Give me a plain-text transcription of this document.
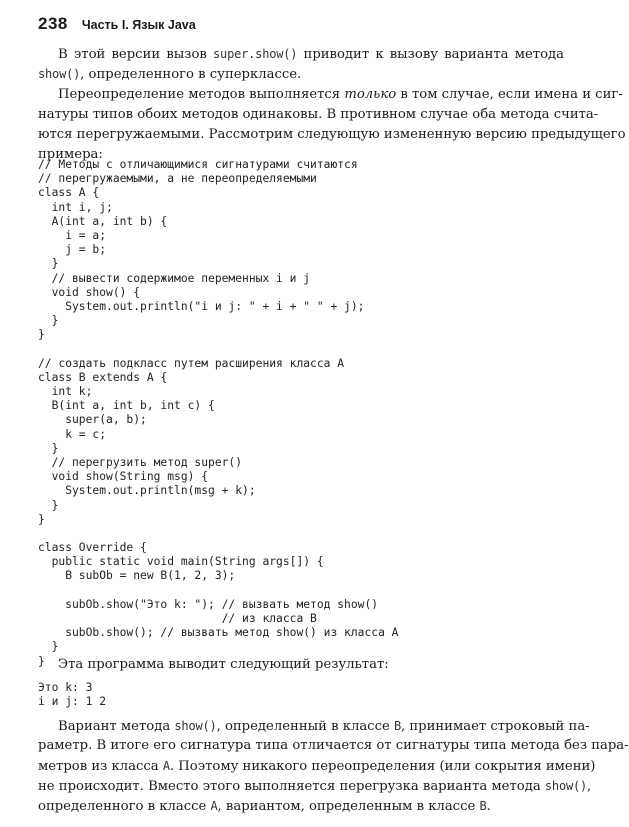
238 Часть I. Язык Java
В этой версии вызов super.show() приводит к вызову варианта метода
show(), определенного в суперклассе.
Переопределение методов выполняется только в том случае, если имена и сиг-
натуры типов обоих методов одинаковы. В противном случае оба метода счита-
ются перегружаемыми. Рассмотрим следующую измененную версию предыдущего
примера:
// Методы с отличающимися сигнатурами считаются
// перегружаемыми, а не переопределяемыми
class A {
int i, j;
A(int a, int b) {
i = a;
j = b;
}
// вывести содержимое переменных i и j
void show() {
System.out.println("i и j: " + i + " " + j);
}
}
// создать подкласс путем расширения класса А
class B extends A {
int k;
B(int a, int b, int c) {
super(a, b);
k = c;
}
// перегрузить метод super()
void show(String msg) {
System.out.println(msg + k);
}
}
class Override {
public static void main(String args[]) {
B subOb = new B(1, 2, 3);
subOb.show("Это k: "); // вызвать метод show()
// из класса В
subOb.show(); // вызвать метод show() из класса А
}
} Эта программа выводит следующий результат:
Это k: 3
i и j: 1 2
Вариант метода show(), определенный в классе B, принимает строковый па-
раметр. В итоге его сигнатура типа отличается от сигнатуры типа метода без пара-
метров из класса A. Поэтому никакого переопределения (или сокрытия имени)
не происходит. Вместо этого выполняется перегрузка варианта метода show(),
определенного в классе A, вариантом, определенным в классе B.
